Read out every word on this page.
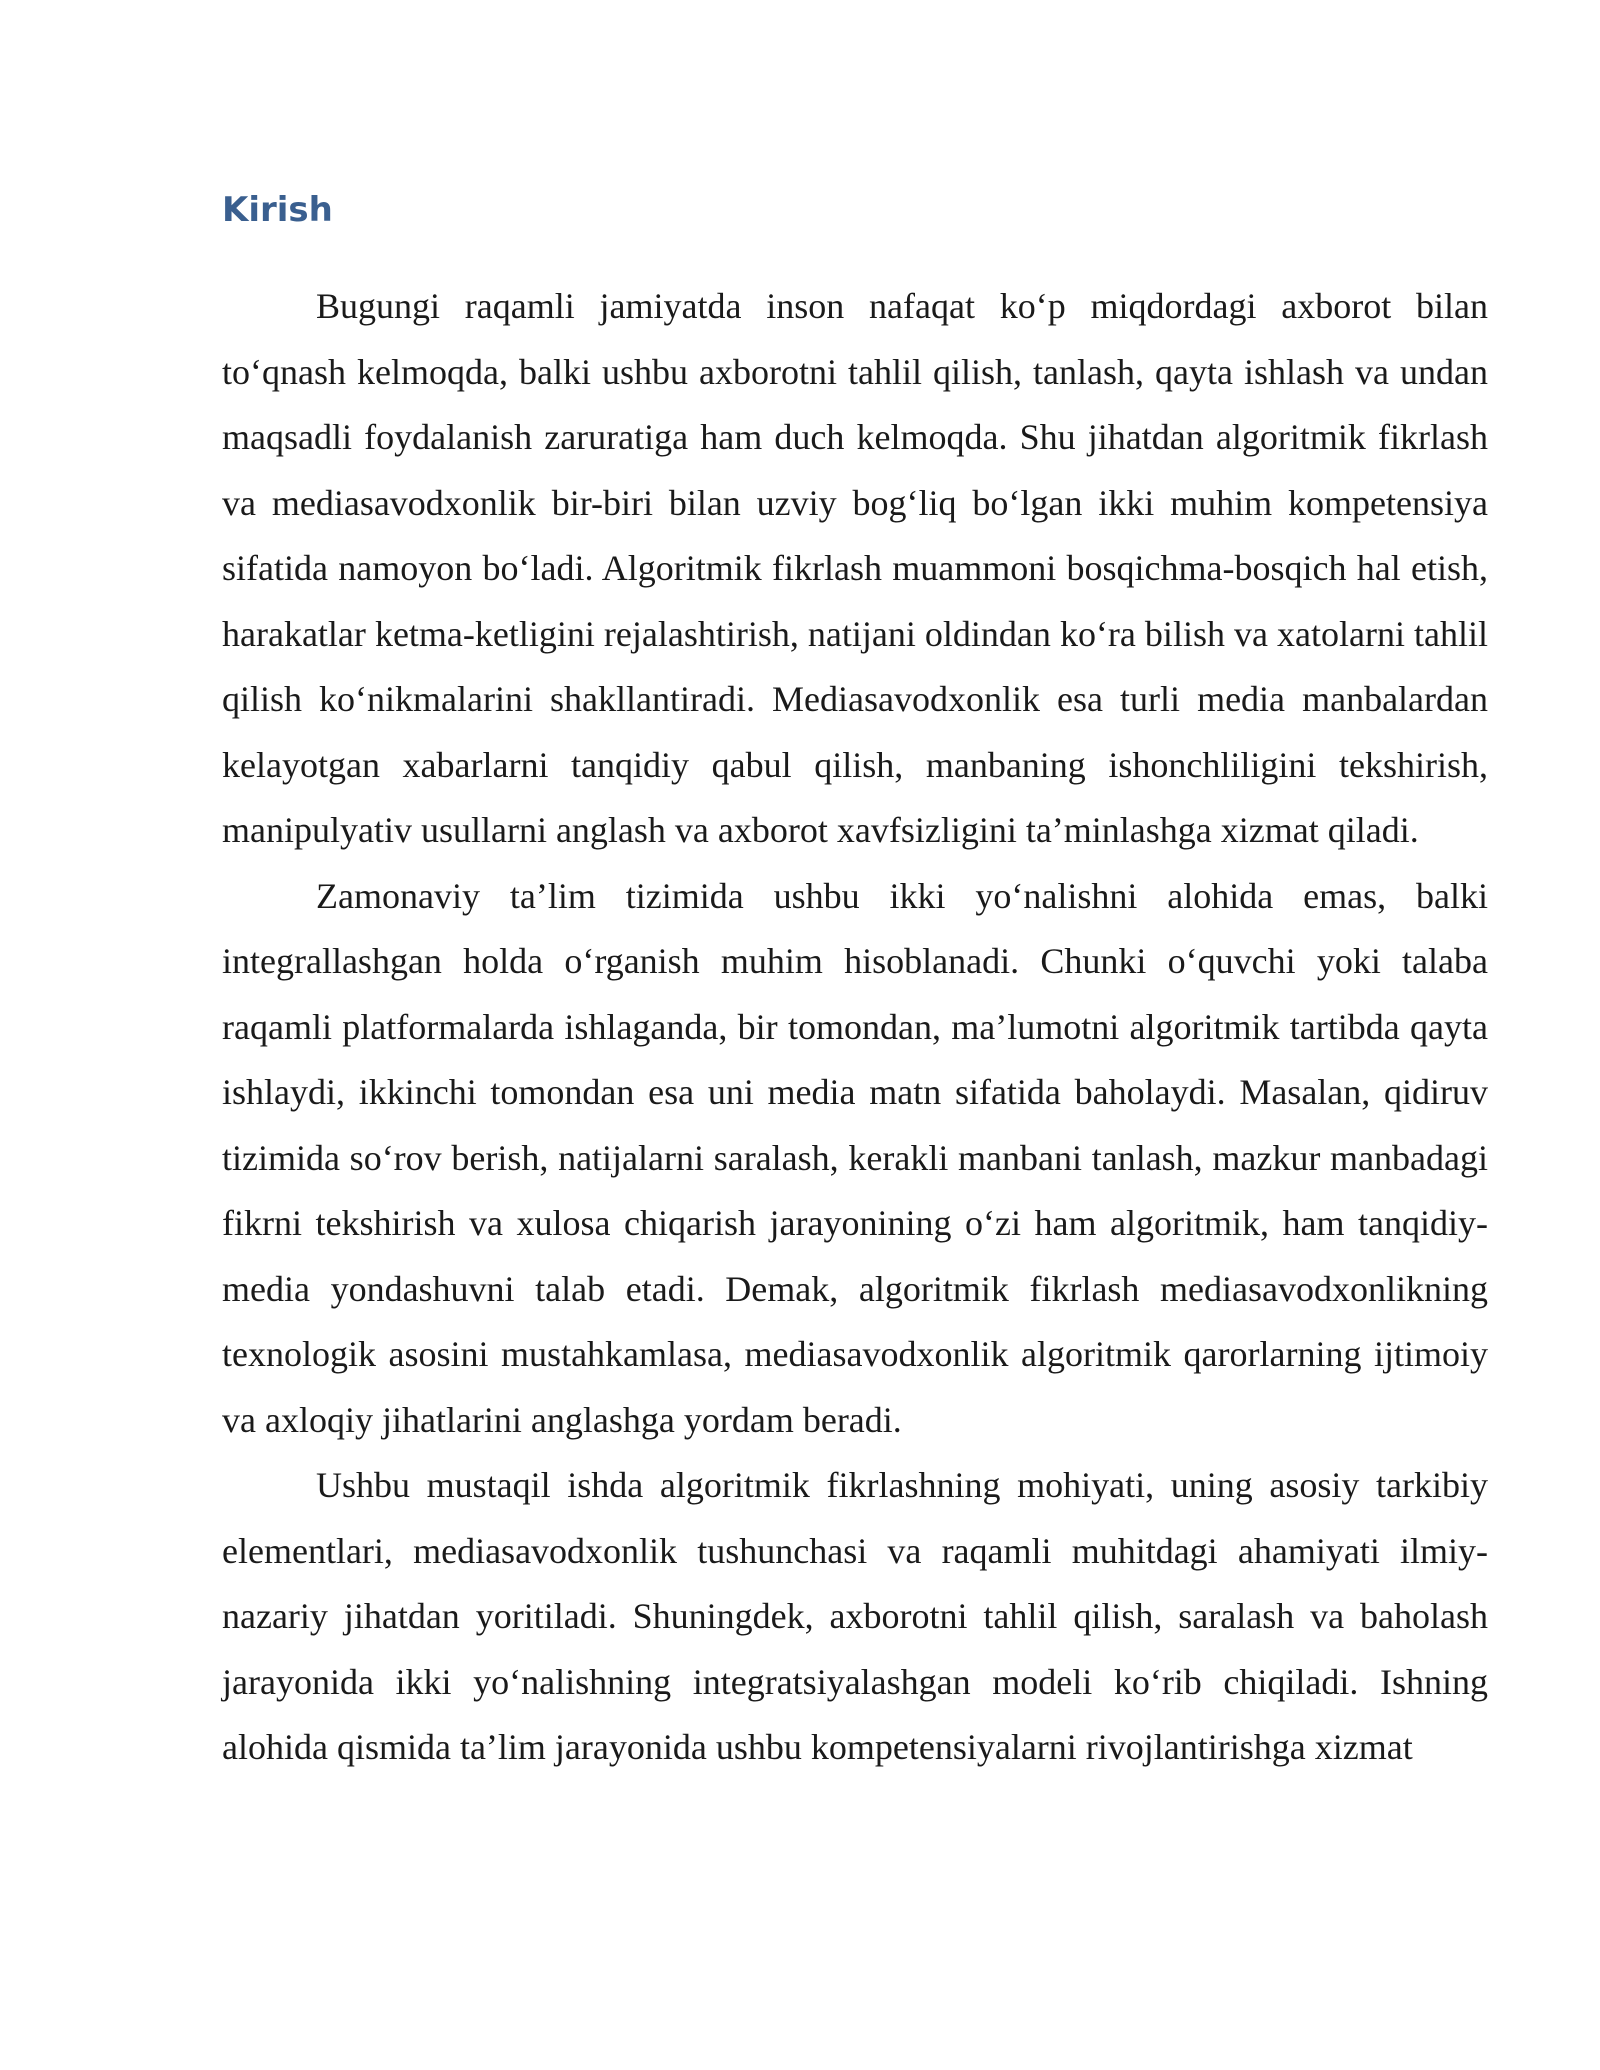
Kirish

Bugungi raqamli jamiyatda inson nafaqat ko‘p miqdordagi axborot bilan to‘qnash kelmoqda, balki ushbu axborotni tahlil qilish, tanlash, qayta ishlash va undan maqsadli foydalanish zaruratiga ham duch kelmoqda. Shu jihatdan algoritmik fikrlash va mediasavodxonlik bir-biri bilan uzviy bog‘liq bo‘lgan ikki muhim kompetensiya sifatida namoyon bo‘ladi. Algoritmik fikrlash muammoni bosqichma-bosqich hal etish, harakatlar ketma-ketligini rejalashtirish, natijani oldindan ko‘ra bilish va xatolarni tahlil qilish ko‘nikmalarini shakllantiradi. Mediasavodxonlik esa turli media manbalardan kelayotgan xabarlarni tanqidiy qabul qilish, manbaning ishonchliligini tekshirish, manipulyativ usullarni anglash va axborot xavfsizligini ta’minlashga xizmat qiladi.

Zamonaviy ta’lim tizimida ushbu ikki yo‘nalishni alohida emas, balki integrallashgan holda o‘rganish muhim hisoblanadi. Chunki o‘quvchi yoki talaba raqamli platformalarda ishlaganda, bir tomondan, ma’lumotni algoritmik tartibda qayta ishlaydi, ikkinchi tomondan esa uni media matn sifatida baholaydi. Masalan, qidiruv tizimida so‘rov berish, natijalarni saralash, kerakli manbani tanlash, mazkur manbadagi fikrni tekshirish va xulosa chiqarish jarayonining o‘zi ham algoritmik, ham tanqidiy-media yondashuvni talab etadi. Demak, algoritmik fikrlash mediasavodxonlikning texnologik asosini mustahkamlasa, mediasavodxonlik algoritmik qarorlarning ijtimoiy va axloqiy jihatlarini anglashga yordam beradi.

Ushbu mustaqil ishda algoritmik fikrlashning mohiyati, uning asosiy tarkibiy elementlari, mediasavodxonlik tushunchasi va raqamli muhitdagi ahamiyati ilmiy-nazariy jihatdan yoritiladi. Shuningdek, axborotni tahlil qilish, saralash va baholash jarayonida ikki yo‘nalishning integratsiyalashgan modeli ko‘rib chiqiladi. Ishning alohida qismida ta’lim jarayonida ushbu kompetensiyalarni rivojlantirishga xizmat
